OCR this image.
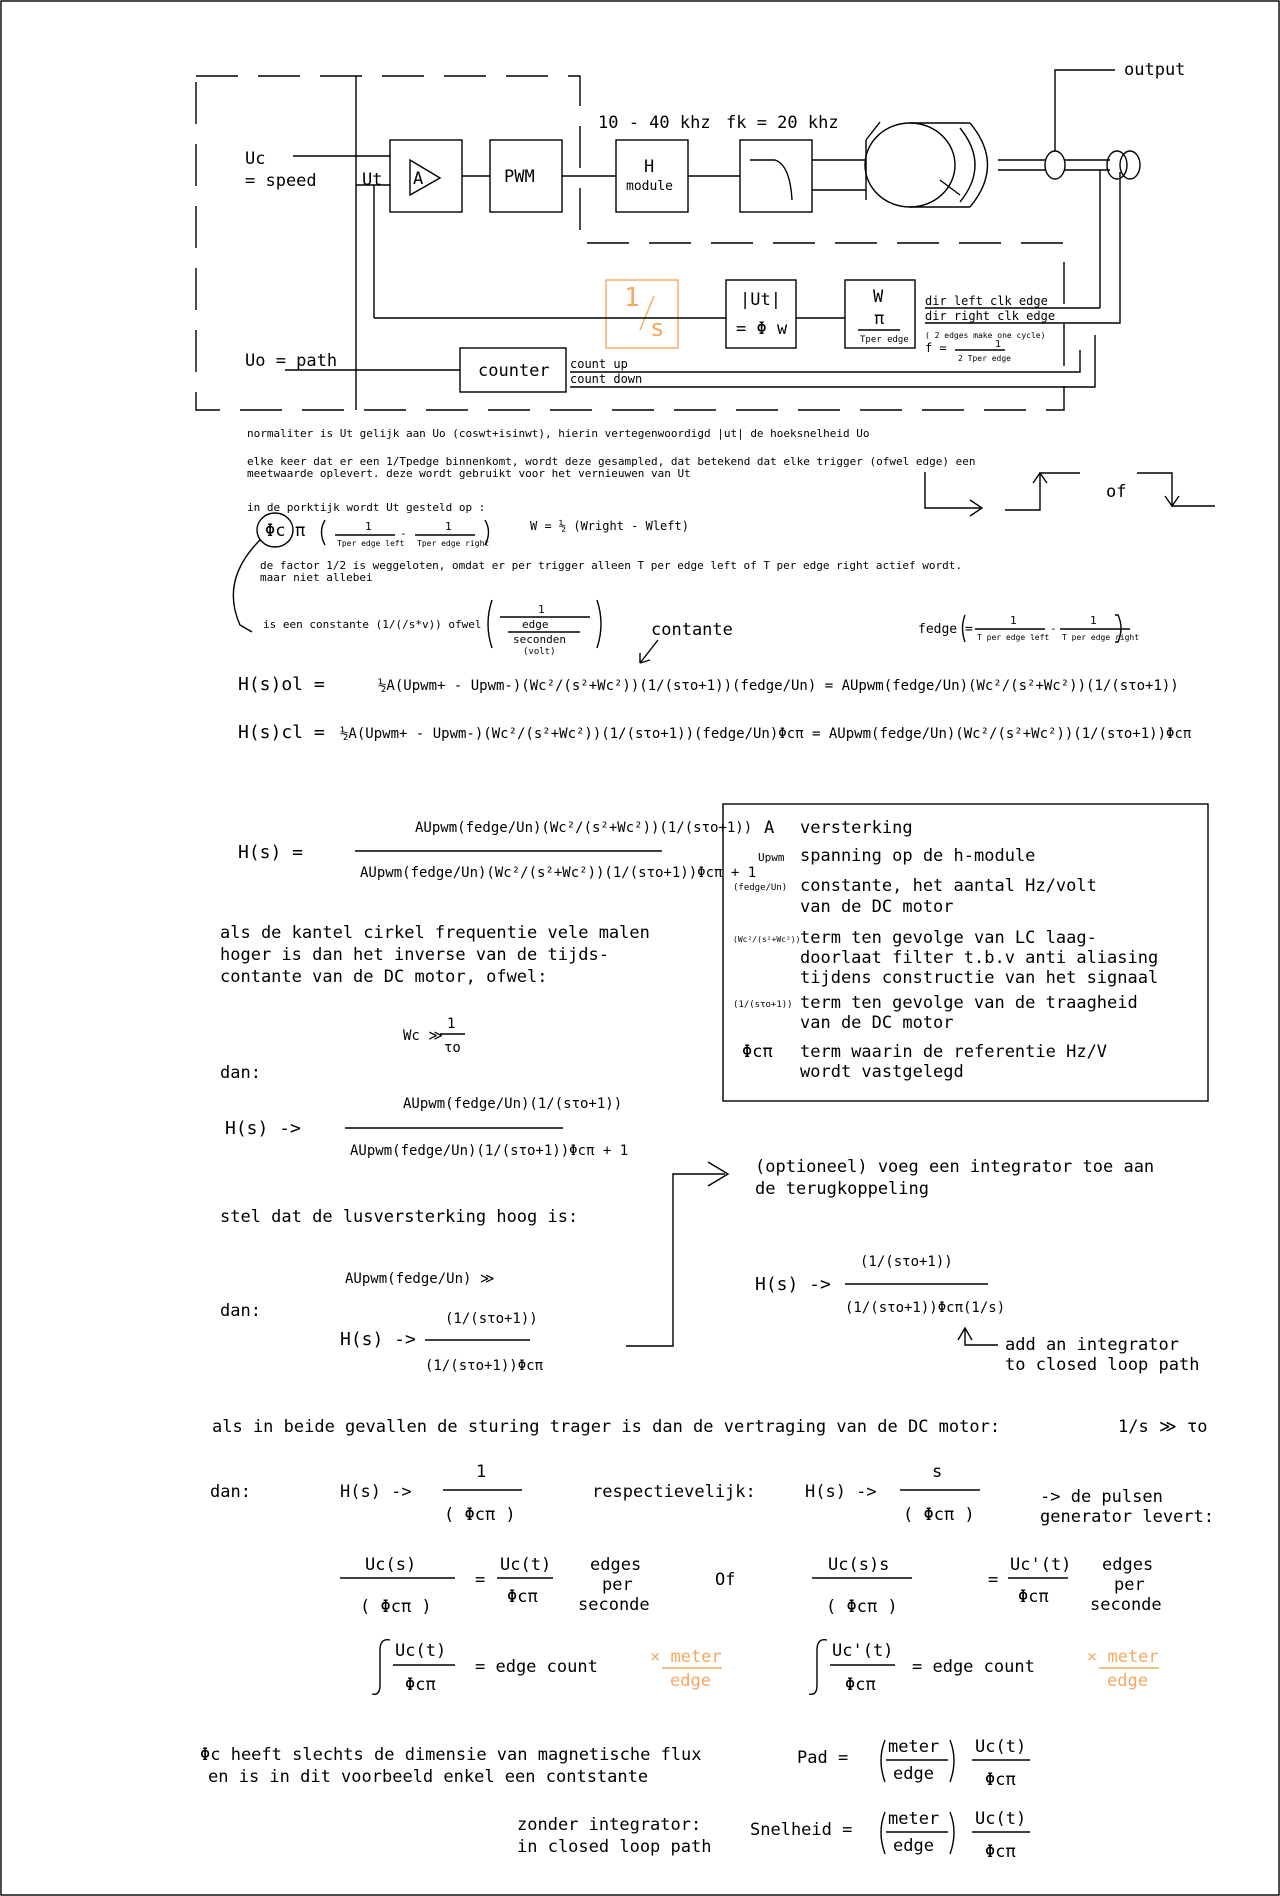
Uc
= speed	Ut A	PWM
10 - 40 khz fk = 20 khz
H
module
output
1
s
|Ut|
= Φ w
W
π
Tper edge
dir left clk edge
dir right clk edge
( 2 edges make one cycle)
f =	1
2 Tper edge
Uo = path	counter count up
count down
normaliter is Ut gelijk aan Uo (coswt+isinwt), hierin vertegenwoordigd |ut| de hoeksnelheid Uo
elke keer dat er een 1/Tpedge binnenkomt, wordt deze gesampled, dat betekend dat elke trigger (ofwel edge) een
meetwaarde oplevert. deze wordt gebruikt voor het vernieuwen van Ut
of
in de porktijk wordt Ut gesteld op :
Φc π	1
Tper edge left
-
1
Tper edge right
W = ½ (Wright - Wleft)
de factor 1/2 is weggeloten, omdat er per trigger alleen T per edge left of T per edge right actief wordt.
maar niet allebei
is een constante (1/(/s*v)) ofwel
1
edge
seconden
(volt)
contante	fedge =
1
T per edge left
-
1
T per edge right
H(s)ol =	½A(Upwm+ - Upwm-)(Wc²/(s²+Wc²))(1/(sτo+1))(fedge/Un) = AUpwm(fedge/Un)(Wc²/(s²+Wc²))(1/(sτo+1))
H(s)cl = ½A(Upwm+ - Upwm-)(Wc²/(s²+Wc²))(1/(sτo+1))(fedge/Un)Φcπ = AUpwm(fedge/Un)(Wc²/(s²+Wc²))(1/(sτo+1))Φcπ
H(s) =
AUpwm(fedge/Un)(Wc²/(s²+Wc²))(1/(sτo+1))
AUpwm(fedge/Un)(Wc²/(s²+Wc²))(1/(sτo+1))Φcπ + 1
als de kantel cirkel frequentie vele malen
hoger is dan het inverse van de tijds-
contante van de DC motor, ofwel:
Wc ≫
1
τo
dan:
H(s) ->
AUpwm(fedge/Un)(1/(sτo+1))
AUpwm(fedge/Un)(1/(sτo+1))Φcπ + 1
stel dat de lusversterking hoog is:
AUpwm(fedge/Un) ≫
dan:
H(s) ->
(1/(sτo+1))
(1/(sτo+1))Φcπ
(optioneel) voeg een integrator toe aan
de terugkoppeling
H(s) ->
(1/(sτo+1))
(1/(sτo+1))Φcπ(1/s)
add an integrator
to closed loop path
A versterking
Upwm spanning op de h-module
(fedge/Un) constante, het aantal Hz/volt
van de DC motor
(Wc²/(s²+Wc²)) term ten gevolge van LC laag-
doorlaat filter t.b.v anti aliasing
tijdens constructie van het signaal
(1/(sτo+1)) term ten gevolge van de traagheid
van de DC motor
Φcπ term waarin de referentie Hz/V
wordt vastgelegd
als in beide gevallen de sturing trager is dan de vertraging van de DC motor:	1/s ≫ τo
dan:	H(s) ->
1
( Φcπ )
respectievelijk:	H(s) ->
s
( Φcπ )
-> de pulsen
generator levert:
Uc(s)
( Φcπ )
=
Uc(t)
Φcπ
edges
per
seconde
Of
Uc(s)s
( Φcπ )
=
Uc'(t)
Φcπ
edges
per
seconde
Uc(t)
Φcπ
= edge count	× meter
edge
Uc'(t)
Φcπ
= edge count	× meter
edge
Φc heeft slechts de dimensie van magnetische flux
en is in dit voorbeeld enkel een contstante
Pad =
meter
edge
Uc(t)
Φcπ
zonder integrator:
in closed loop path
Snelheid =
meter
edge
Uc(t)
Φcπ
